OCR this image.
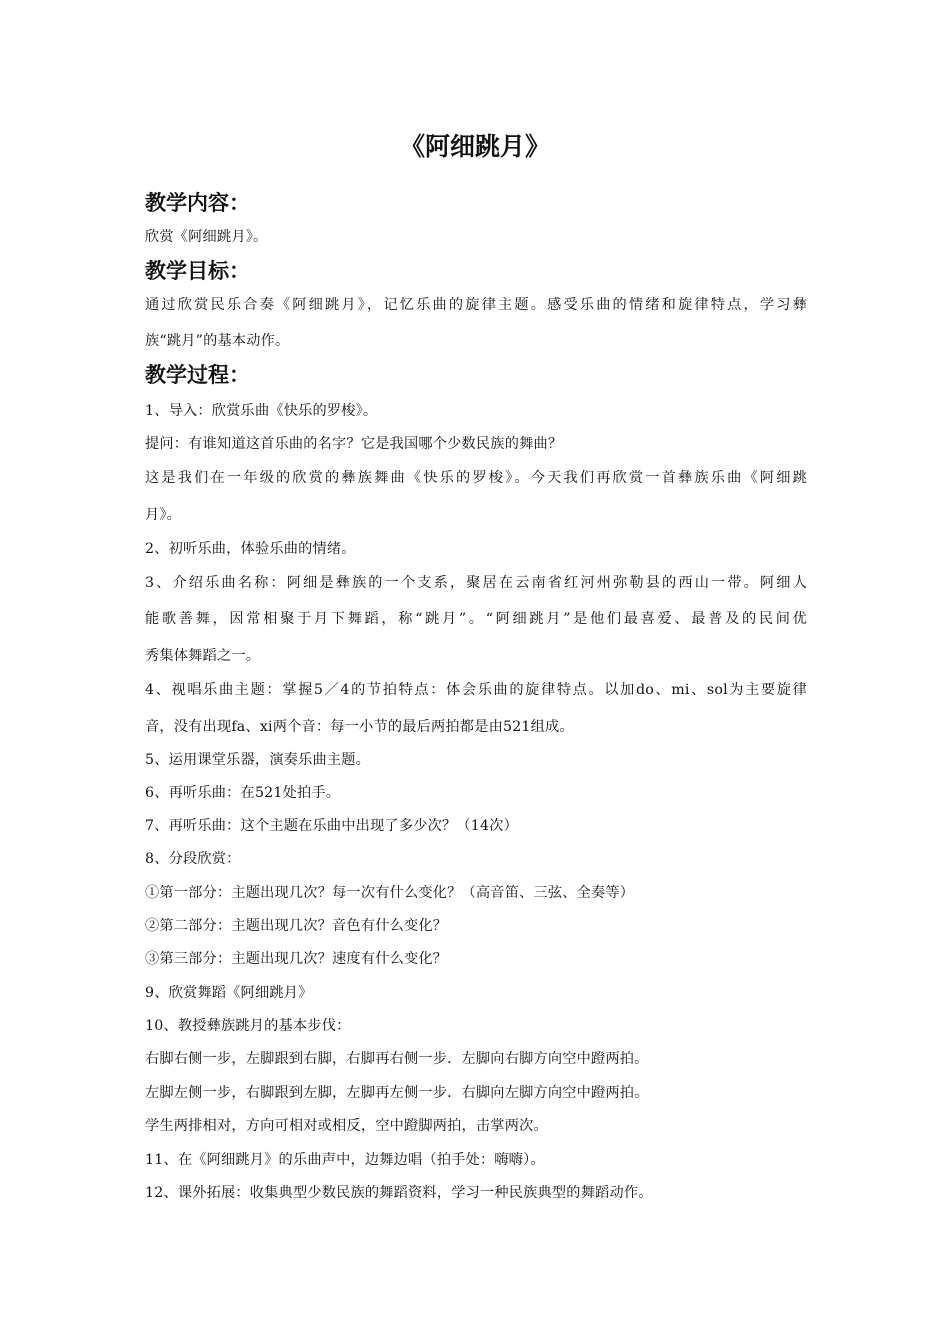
《阿细跳月》
教学内容：
欣赏《阿细跳月》。
教学目标：
通过欣赏民乐合奏《阿细跳月》，记忆乐曲的旋律主题。感受乐曲的情绪和旋律特点，学习彝
族“跳月”的基本动作。
教学过程：
1、导入：欣赏乐曲《快乐的罗梭》。
提问：有谁知道这首乐曲的名字？它是我国哪个少数民族的舞曲？
这是我们在一年级的欣赏的彝族舞曲《快乐的罗梭》。今天我们再欣赏一首彝族乐曲《阿细跳
月》。
2、初听乐曲，体验乐曲的情绪。
3、介绍乐曲名称：阿细是彝族的一个支系，聚居在云南省红河州弥勒县的西山一带。阿细人
能歌善舞，因常相聚于月下舞蹈，称“跳月”。“阿细跳月”是他们最喜爱、最普及的民间优
秀集体舞蹈之一。
4、视唱乐曲主题：掌握5／4的节拍特点：体会乐曲的旋律特点。以加do、mi、sol为主要旋律
音，没有出现fa、xi两个音：每一小节的最后两拍都是由521组成。
5、运用课堂乐器，演奏乐曲主题。
6、再听乐曲：在521处拍手。
7、再听乐曲：这个主题在乐曲中出现了多少次？（14次）
8、分段欣赏：
①第一部分：主题出现几次？每一次有什么变化？（高音笛、三弦、全奏等）
②第二部分：主题出现几次？音色有什么变化？
③第三部分：主题出现几次？速度有什么变化？
9、欣赏舞蹈《阿细跳月》
10、教授彝族跳月的基本步伐：
右脚右侧一步，左脚跟到右脚，右脚再右侧一步．左脚向右脚方向空中蹬两拍。
左脚左侧一步，右脚跟到左脚，左脚再左侧一步．右脚向左脚方向空中蹬两拍。
学生两排相对，方向可相对或相反，空中蹬脚两拍，击掌两次。
11、在《阿细跳月》的乐曲声中，边舞边唱（拍手处：嗨嗨）。
12、课外拓展：收集典型少数民族的舞蹈资料，学习一种民族典型的舞蹈动作。
